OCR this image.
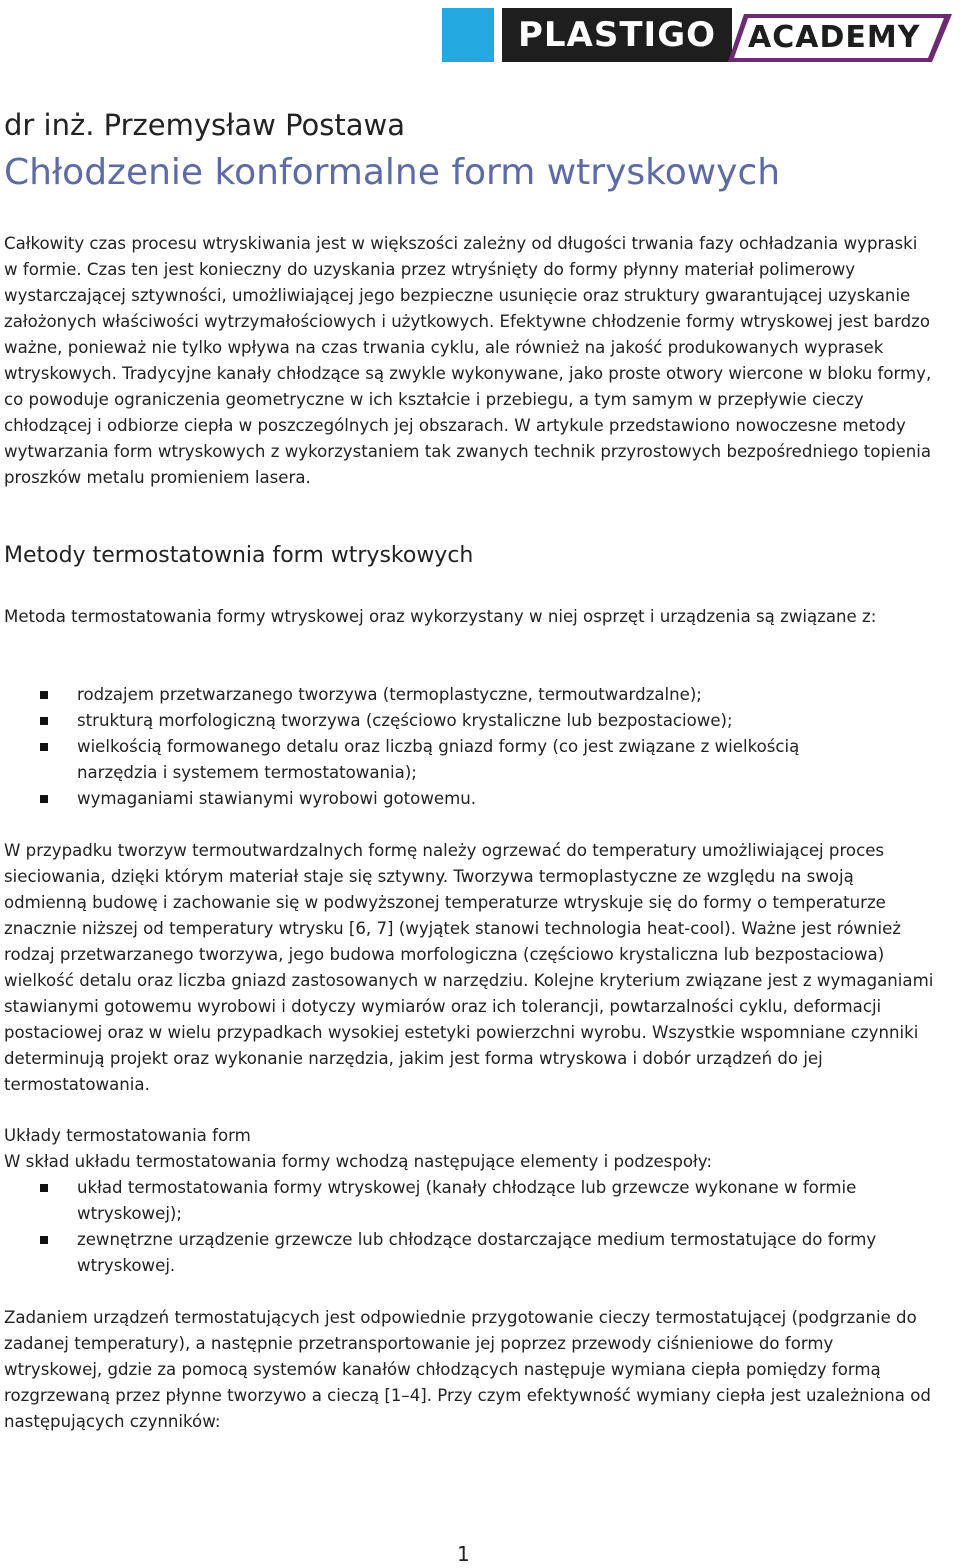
PLASTIGO	ACADEMY
dr inż. Przemysław Postawa
Chłodzenie konformalne form wtryskowych

Całkowity czas procesu wtryskiwania jest w większości zależny od długości trwania fazy ochładzania wypraski w formie. Czas ten jest konieczny do uzyskania przez wtryśnięty do formy płynny materiał polimerowy wystarczającej sztywności, umożliwiającej jego bezpieczne usunięcie oraz struktury gwarantującej uzyskanie założonych właściwości wytrzymałościowych i użytkowych. Efektywne chłodzenie formy wtryskowej jest bardzo ważne, ponieważ nie tylko wpływa na czas trwania cyklu, ale również na jakość produkowanych wyprasek wtryskowych. Tradycyjne kanały chłodzące są zwykle wykonywane, jako proste otwory wiercone w bloku formy, co powoduje ograniczenia geometryczne w ich kształcie i przebiegu, a tym samym w przepływie cieczy chłodzącej i odbiorze ciepła w poszczególnych jej obszarach. W artykule przedstawiono nowoczesne metody wytwarzania form wtryskowych z wykorzystaniem tak zwanych technik przyrostowych bezpośredniego topienia proszków metalu promieniem lasera.

Metody termostatownia form wtryskowych

Metoda termostatowania formy wtryskowej oraz wykorzystany w niej osprzęt i urządzenia są związane z:

rodzajem przetwarzanego tworzywa (termoplastyczne, termoutwardzalne);
strukturą morfologiczną tworzywa (częściowo krystaliczne lub bezpostaciowe);
wielkością formowanego detalu oraz liczbą gniazd formy (co jest związane z wielkością narzędzia i systemem termostatowania);
wymaganiami stawianymi wyrobowi gotowemu.

W przypadku tworzyw termoutwardzalnych formę należy ogrzewać do temperatury umożliwiającej proces sieciowania, dzięki którym materiał staje się sztywny. Tworzywa termoplastyczne ze względu na swoją odmienną budowę i zachowanie się w podwyższonej temperaturze wtryskuje się do formy o temperaturze znacznie niższej od temperatury wtrysku [6, 7] (wyjątek stanowi technologia heat-cool). Ważne jest również rodzaj przetwarzanego tworzywa, jego budowa morfologiczna (częściowo krystaliczna lub bezpostaciowa) wielkość detalu oraz liczba gniazd zastosowanych w narzędziu. Kolejne kryterium związane jest z wymaganiami stawianymi gotowemu wyrobowi i dotyczy wymiarów oraz ich tolerancji, powtarzalności cyklu, deformacji postaciowej oraz w wielu przypadkach wysokiej estetyki powierzchni wyrobu. Wszystkie wspomniane czynniki determinują projekt oraz wykonanie narzędzia, jakim jest forma wtryskowa i dobór urządzeń do jej termostatowania.

Układy termostatowania form

W skład układu termostatowania formy wchodzą następujące elementy i podzespoły:

układ termostatowania formy wtryskowej (kanały chłodzące lub grzewcze wykonane w formie wtryskowej);
zewnętrzne urządzenie grzewcze lub chłodzące dostarczające medium termostatujące do formy wtryskowej.

Zadaniem urządzeń termostatujących jest odpowiednie przygotowanie cieczy termostatującej (podgrzanie do zadanej temperatury), a następnie przetransportowanie jej poprzez przewody ciśnieniowe do formy wtryskowej, gdzie za pomocą systemów kanałów chłodzących następuje wymiana ciepła pomiędzy formą rozgrzewaną przez płynne tworzywo a cieczą [1–4]. Przy czym efektywność wymiany ciepła jest uzależniona od następujących czynników:

1
